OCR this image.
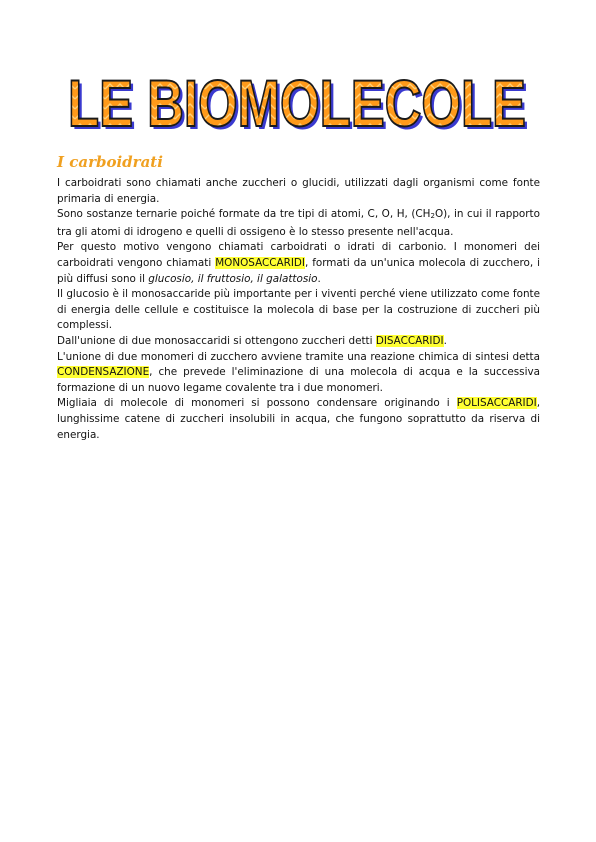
LE BIOMOLECOLE
LE BIOMOLECOLE
I carboidrati

I carboidrati sono chiamati anche zuccheri o glucidi, utilizzati dagli organismi come fonte primaria di energia.

Sono sostanze ternarie poiché formate da tre tipi di atomi, C, O, H, (CH2O), in cui il rapporto tra gli atomi di idrogeno e quelli di ossigeno è lo stesso presente nell'acqua.

Per questo motivo vengono chiamati carboidrati o idrati di carbonio. I monomeri dei carboidrati vengono chiamati MONOSACCARIDI, formati da un'unica molecola di zucchero, i più diffusi sono il glucosio, il fruttosio, il galattosio.

Il glucosio è il monosaccaride più importante per i viventi perché viene utilizzato come fonte di energia delle cellule e costituisce la molecola di base per la costruzione di zuccheri più complessi.

Dall'unione di due monosaccaridi si ottengono zuccheri detti DISACCARIDI.

L'unione di due monomeri di zucchero avviene tramite una reazione chimica di sintesi detta CONDENSAZIONE, che prevede l'eliminazione di una molecola di acqua e la successiva formazione di un nuovo legame covalente tra i due monomeri.

Migliaia di molecole di monomeri si possono condensare originando i POLISACCARIDI, lunghissime catene di zuccheri insolubili in acqua, che fungono soprattutto da riserva di energia.
